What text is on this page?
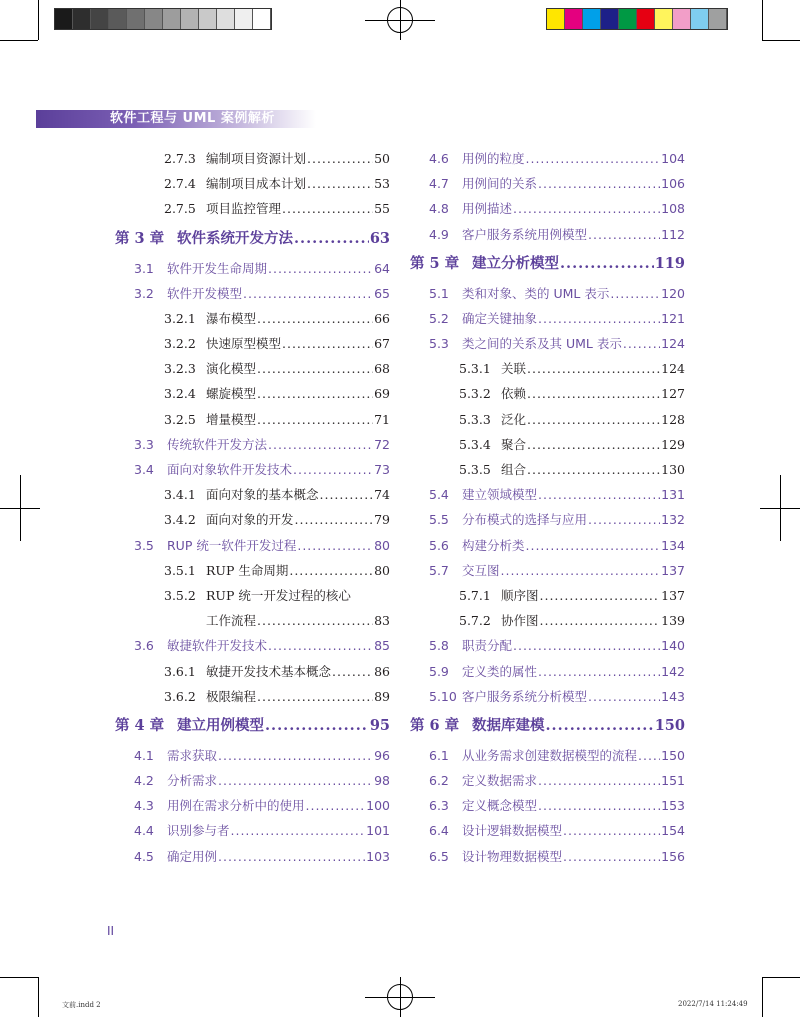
软件工程与 UML 案例解析
2.7.3 编制项目资源计划 .....	50
2.7.4 编制项目成本计划 .....	53
2.7.5 项目监控管理 .....	55
第 3 章 软件系统开发方法 .....	63
3.1	软件开发生命周期 .....	64
3.2	软件开发模型 .....	65
3.2.1 瀑布模型 .....	66
3.2.2 快速原型模型 .....	67
3.2.3 演化模型 .....	68
3.2.4 螺旋模型 .....	69
3.2.5 增量模型 .....	71
3.3	传统软件开发方法 .....	72
3.4	面向对象软件开发技术 .....	73
3.4.1 面向对象的基本概念 .....	74
3.4.2 面向对象的开发 .....	79
3.5	RUP 统一软件开发过程 .....	80
3.5.1 RUP 生命周期 .....	80
3.5.2 RUP 统一开发过程的核心
工作流程 .....	83
3.6	敏捷软件开发技术 .....	85
3.6.1 敏捷开发技术基本概念 .....	86
3.6.2 极限编程 .....	89
第 4 章 建立用例模型 .....	95
4.1	需求获取 .....	96
4.2	分析需求 .....	98
4.3	用例在需求分析中的使用 .....	100
4.4	识别参与者 .....	101
4.5	确定用例 .....	103
4.6	用例的粒度 .....	104
4.7	用例间的关系 .....	106
4.8	用例描述 .....	108
4.9	客户服务系统用例模型 .....	112
第 5 章 建立分析模型 .....	119
5.1	类和对象、类的 UML 表示 .....	120
5.2	确定关键抽象 .....	121
5.3	类之间的关系及其 UML 表示 .....	124
5.3.1 关联 .....	124
5.3.2 依赖 .....	127
5.3.3 泛化 .....	128
5.3.4 聚合 .....	129
5.3.5 组合 .....	130
5.4	建立领域模型 .....	131
5.5	分布模式的选择与应用 .....	132
5.6	构建分析类 .....	134
5.7	交互图 .....	137
5.7.1 顺序图 .....	137
5.7.2 协作图 .....	139
5.8	职责分配 .....	140
5.9	定义类的属性 .....	142
5.10 客户服务系统分析模型 .....	143
第 6 章 数据库建模 .....	150
6.1	从业务需求创建数据模型的流程 ..... 150
6.2	定义数据需求 .....	151
6.3	定义概念模型 .....	153
6.4	设计逻辑数据模型 .....	154
6.5	设计物理数据模型 .....	156
II
文前.indd 2	2022/7/14 11:24:49
